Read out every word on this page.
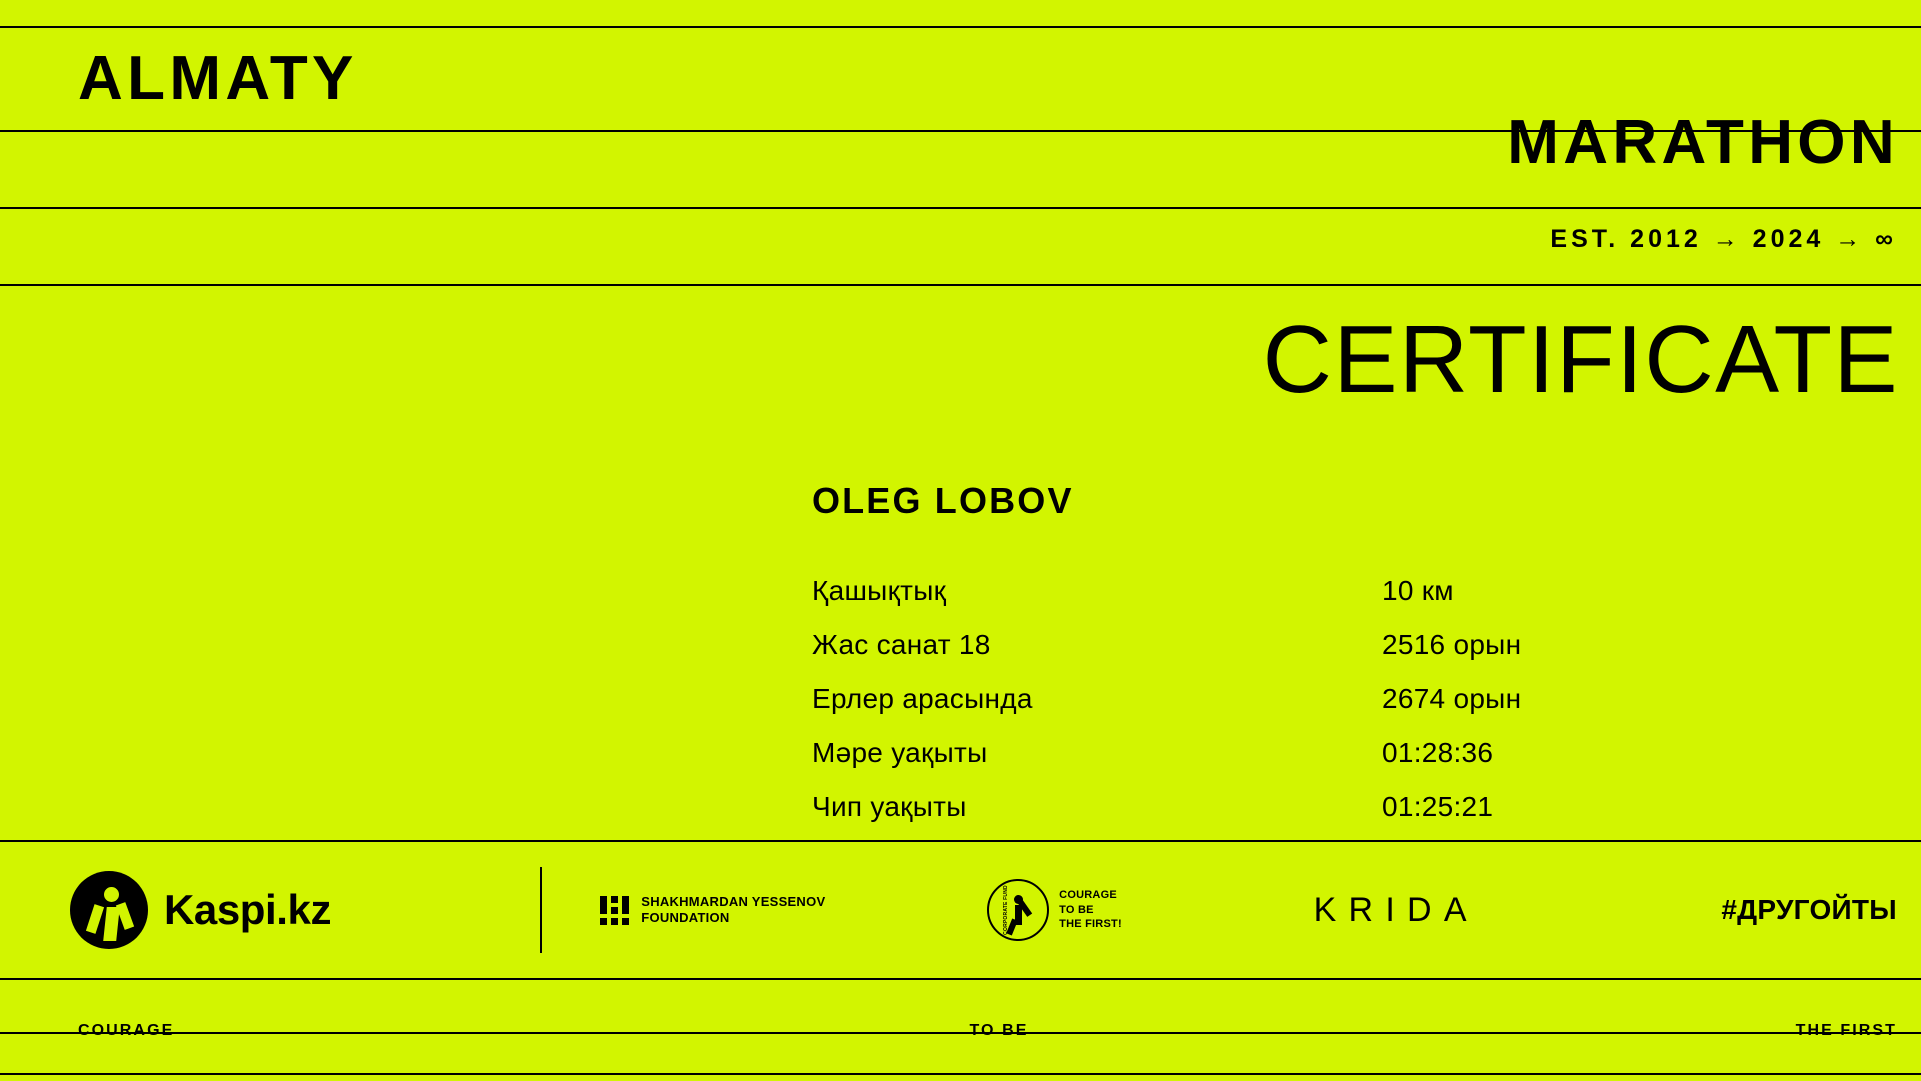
ALMATY
MARATHON
EST. 2012 → 2024 → ∞
CERTIFICATE
OLEG LOBOV
Қашықтық	10 км
Жас санат 18	2516 орын
Ерлер арасында	2674 орын
Мәре уақыты	01:28:36
Чип уақыты	01:25:21
Kaspi.kz	SHAKHMARDAN YESSENOV
FOUNDATION	CORPORATE FUND	COURAGE
TO BE
THE FIRST!	KRIDA	#ДРУГОЙТЫ
COURAGE	TO BE	THE FIRST
